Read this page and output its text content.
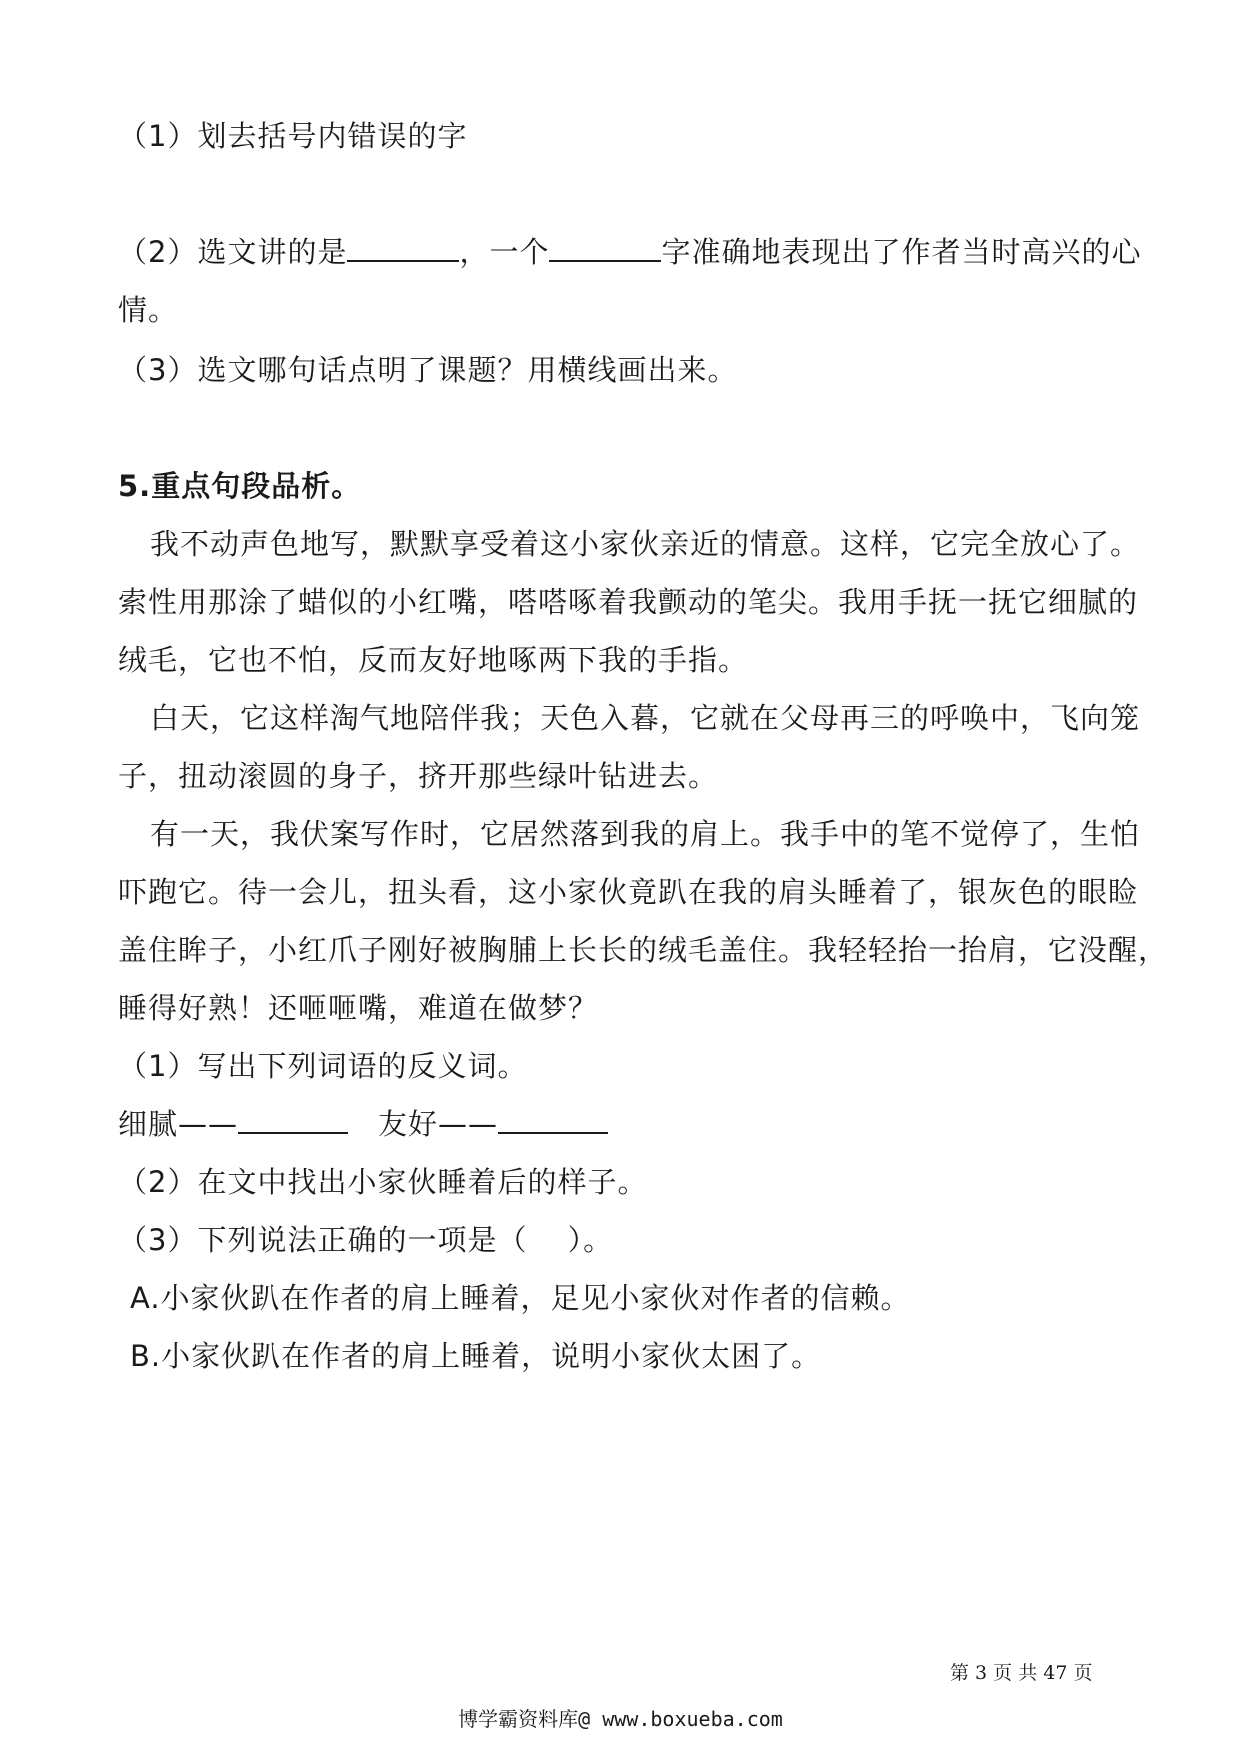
（1）划去括号内错误的字
（2）选文讲的是	，一个	字准确地表现出了作者当时高兴的心
情。
（3）选文哪句话点明了课题？用横线画出来。
5.重点句段品析。
我不动声色地写，默默享受着这小家伙亲近的情意。这样，它完全放心了。
索性用那涂了蜡似的小红嘴，嗒嗒啄着我颤动的笔尖。我用手抚一抚它细腻的
绒毛，它也不怕，反而友好地啄两下我的手指。
白天，它这样淘气地陪伴我；天色入暮，它就在父母再三的呼唤中，飞向笼
子，扭动滚圆的身子，挤开那些绿叶钻进去。
有一天，我伏案写作时，它居然落到我的肩上。我手中的笔不觉停了，生怕
吓跑它。待一会儿，扭头看，这小家伙竟趴在我的肩头睡着了，银灰色的眼睑
盖住眸子，小红爪子刚好被胸脯上长长的绒毛盖住。我轻轻抬一抬肩，它没醒，
睡得好熟！还咂咂嘴，难道在做梦？
（1）写出下列词语的反义词。
细腻——	友好——
（2）在文中找出小家伙睡着后的样子。
（3）下列说法正确的一项是（　 ）。
A.小家伙趴在作者的肩上睡着，足见小家伙对作者的信赖。
B.小家伙趴在作者的肩上睡着，说明小家伙太困了。
第 3 页 共 47 页
博学霸资料库@ www.boxueba.com
